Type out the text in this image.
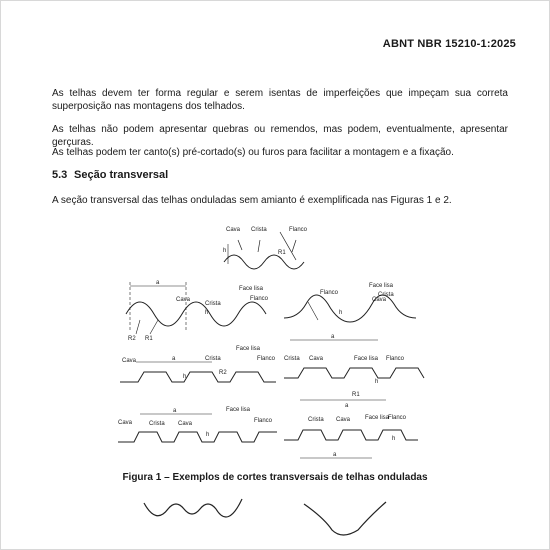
ABNT NBR 15210-1:2025
As telhas devem ter forma regular e serem isentas de imperfeições que impeçam sua correta superposição nas montagens dos telhados.
As telhas não podem apresentar quebras ou remendos, mas podem, eventualmente, apresentar gerçuras.
As telhas podem ter canto(s) pré-cortado(s) ou furos para facilitar a montagem e a fixação.
5.3 Seção transversal
A seção transversal das telhas onduladas sem amianto é exemplificada nas Figuras 1 e 2.
Cava Crista	Flanco
h	R1
a
Cava
Crista
Face lisa
Flanco
h
R2 R1
Face lisa
Crista
Flanco
Cava
h
a
Cava	a	Crista
Face lisa
Flanco
R2
h
Crista Cava	Face lisa Flanco
h
R1
a
Cava	Crista Cava
a	Face lisa
Flanco
h
Crista Cava Face lisa
Flanco
h
a
Figura 1 – Exemplos de cortes transversais de telhas onduladas
